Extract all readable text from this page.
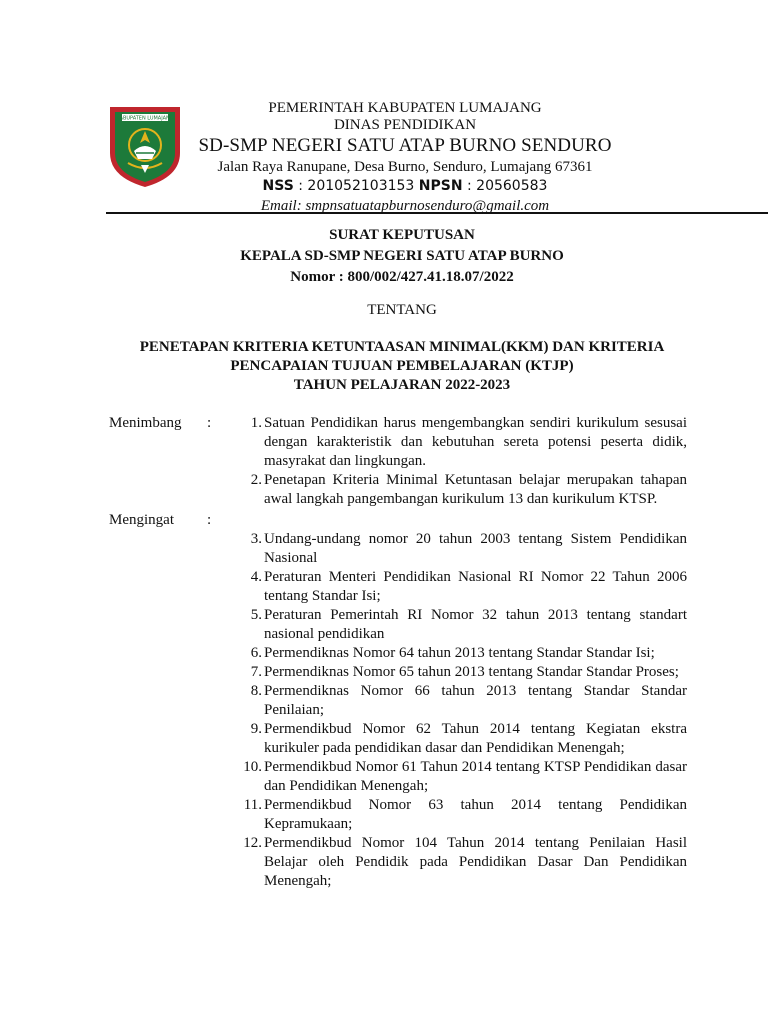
KABUPATEN LUMAJANG
PEMERINTAH KABUPATEN LUMAJANG
DINAS PENDIDIKAN
SD-SMP NEGERI SATU ATAP BURNO SENDURO
Jalan Raya Ranupane, Desa Burno, Senduro, Lumajang 67361
NSS : 201052103153 NPSN : 20560583
Email: smpnsatuatapburnosenduro@gmail.com
SURAT KEPUTUSAN
KEPALA SD-SMP NEGERI SATU ATAP BURNO
Nomor : 800/002/427.41.18.07/2022
TENTANG
PENETAPAN KRITERIA KETUNTAASAN MINIMAL(KKM) DAN KRITERIA
PENCAPAIAN TUJUAN PEMBELAJARAN (KTJP)
TAHUN PELAJARAN 2022-2023
Menimbang :	1. Satuan Pendidikan harus mengembangkan sendiri kurikulum sesusai dengan karakteristik dan kebutuhan sereta potensi peserta didik, masyrakat dan lingkungan.
2. Penetapan Kriteria Minimal Ketuntasan belajar merupakan tahapan awal langkah pangembangan kurikulum 13 dan kurikulum KTSP.
Mengingat :
3. Undang-undang nomor 20 tahun 2003 tentang Sistem Pendidikan Nasional
4. Peraturan Menteri Pendidikan Nasional RI Nomor 22 Tahun 2006 tentang Standar Isi;
5. Peraturan Pemerintah RI Nomor 32 tahun 2013 tentang standart nasional pendidikan
6. Permendiknas Nomor 64 tahun 2013 tentang Standar Standar Isi;
7. Permendiknas Nomor 65 tahun 2013 tentang Standar Standar Proses;
8. Permendiknas Nomor 66 tahun 2013 tentang Standar Standar Penilaian;
9. Permendikbud Nomor 62 Tahun 2014 tentang Kegiatan ekstra kurikuler pada pendidikan dasar dan Pendidikan Menengah;
10. Permendikbud Nomor 61 Tahun 2014 tentang KTSP Pendidikan dasar dan Pendidikan Menengah;
11. Permendikbud Nomor 63 tahun 2014 tentang Pendidikan Kepramukaan;
12. Permendikbud Nomor 104 Tahun 2014 tentang Penilaian Hasil Belajar oleh Pendidik pada Pendidikan Dasar Dan Pendidikan Menengah;
